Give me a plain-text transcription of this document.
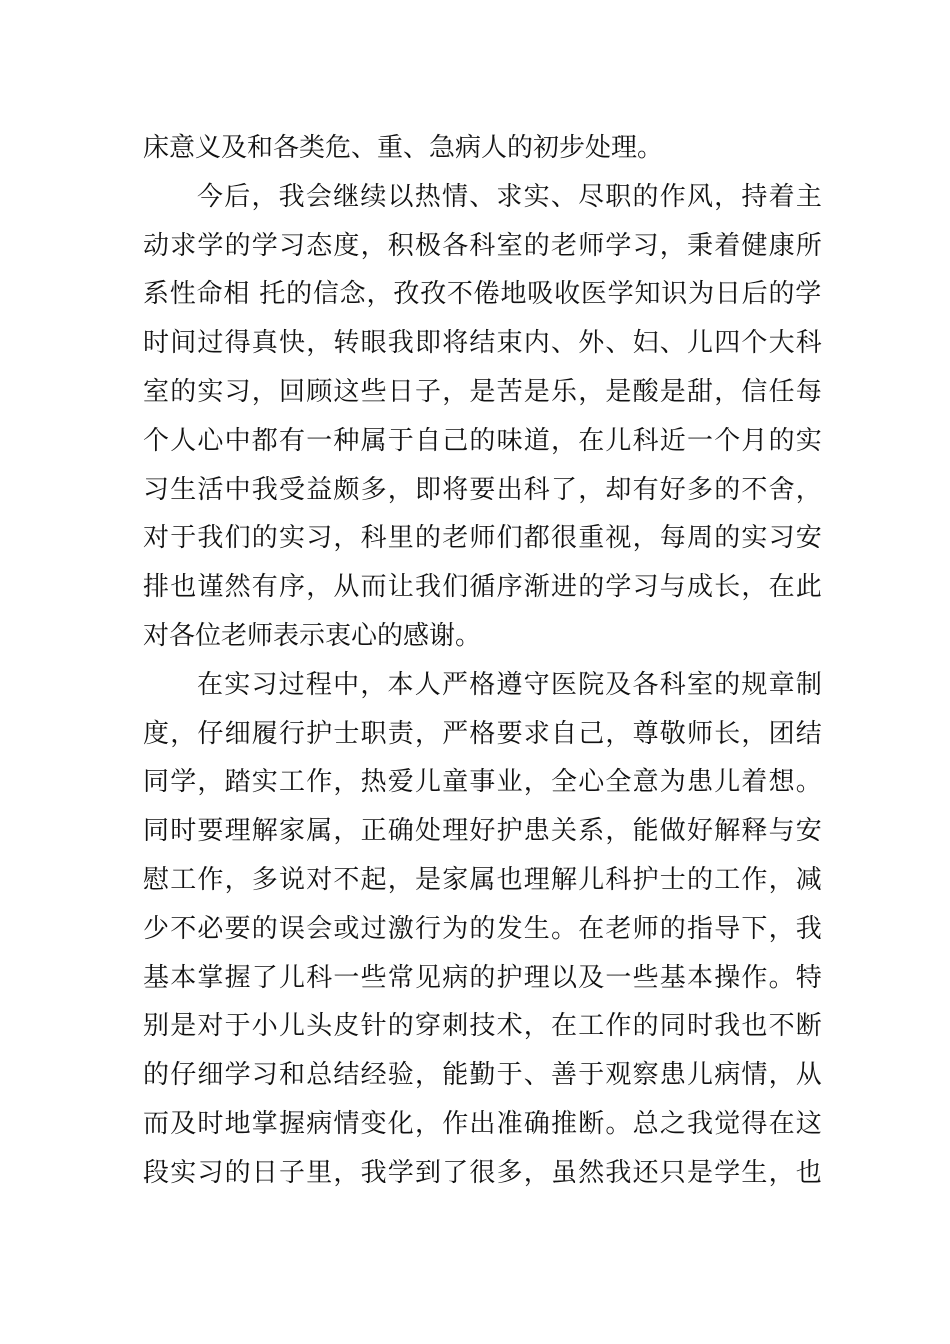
床意义及和各类危、重、急病人的初步处理。
今后，我会继续以热情、求实、尽职的作风，持着主
动求学的学习态度，积极各科室的老师学习，秉着健康所
系性命相 托的信念，孜孜不倦地吸收医学知识为日后的学
时间过得真快，转眼我即将结束内、外、妇、儿四个大科
室的实习，回顾这些日子，是苦是乐，是酸是甜，信任每
个人心中都有一种属于自己的味道，在儿科近一个月的实
习生活中我受益颇多，即将要出科了，却有好多的不舍，
对于我们的实习，科里的老师们都很重视，每周的实习安
排也谨然有序，从而让我们循序渐进的学习与成长，在此
对各位老师表示衷心的感谢。
在实习过程中，本人严格遵守医院及各科室的规章制
度，仔细履行护士职责，严格要求自己，尊敬师长，团结
同学，踏实工作，热爱儿童事业，全心全意为患儿着想。
同时要理解家属，正确处理好护患关系，能做好解释与安
慰工作，多说对不起，是家属也理解儿科护士的工作，减
少不必要的误会或过激行为的发生。在老师的指导下，我
基本掌握了儿科一些常见病的护理以及一些基本操作。特
别是对于小儿头皮针的穿刺技术，在工作的同时我也不断
的仔细学习和总结经验，能勤于、善于观察患儿病情，从
而及时地掌握病情变化，作出准确推断。总之我觉得在这
段实习的日子里，我学到了很多，虽然我还只是学生，也
